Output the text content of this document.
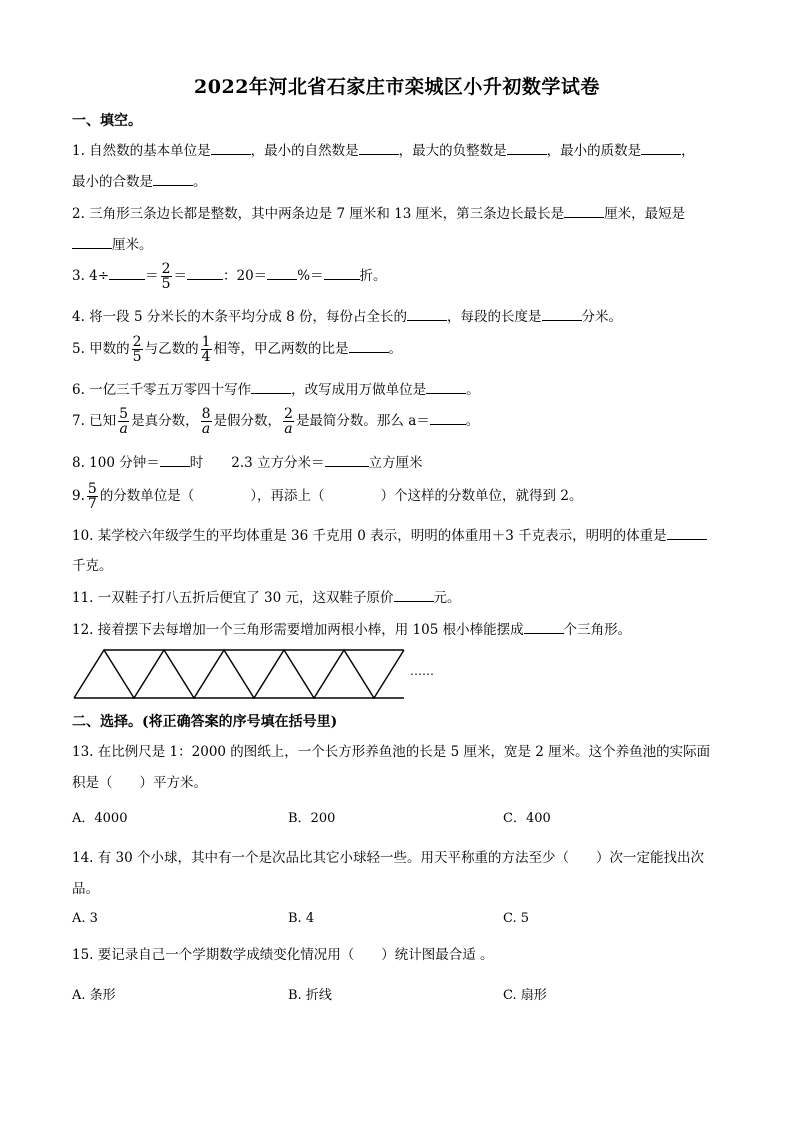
2022年河北省石家庄市栾城区小升初数学试卷
一、填空。
1. 自然数的基本单位是	，最小的自然数是	，最大的负整数是	，最小的质数是	，
最小的合数是	。
2. 三角形三条边长都是整数，其中两条边是 7 厘米和 13 厘米，第三条边长最长是	厘米，最短是
厘米。
3. 4÷	＝ $\frac{2}{5}$ ＝	：20＝ %＝	折。
4. 将一段 5 分米长的木条平均分成 8 份，每份占全长的	，每段的长度是	分米。
5. 甲数的 $\frac{2}{5}$ 与乙数的 $\frac{1}{4}$ 相等，甲乙两数的比是	。
6. 一亿三千零五万零四十写作	，改写成用万做单位是	。
7. 已知 $\frac{5}{a}$ 是真分数， $\frac{8}{a}$ 是假分数， $\frac{2}{a}$ 是最简分数。那么 a＝	。
8. 100 分钟＝ 时 2.3 立方分米＝	立方厘米
9. $\frac{5}{7}$ 的分数单位是（	），再添上（	）个这样的分数单位，就得到 2。
10. 某学校六年级学生的平均体重是 36 千克用 0 表示，明明的体重用＋3 千克表示，明明的体重是
千克。
11. 一双鞋子打八五折后便宜了 30 元，这双鞋子原价	元。
12. 接着摆下去每增加一个三角形需要增加两根小棒，用 105 根小棒能摆成	个三角形。
……
二、选择。(将正确答案的序号填在括号里)
13. 在比例尺是 1：2000 的图纸上，一个长方形养鱼池的长是 5 厘米，宽是 2 厘米。这个养鱼池的实际面
积是（　　）平方米。
A．4000	B．200	C．400
14. 有 30 个小球，其中有一个是次品比其它小球轻一些。用天平称重的方法至少（　　）次一定能找出次
品。
A. 3	B. 4	C. 5
15. 要记录自己一个学期数学成绩变化情况用（　　）统计图最合适 。
A. 条形	B. 折线	C. 扇形
